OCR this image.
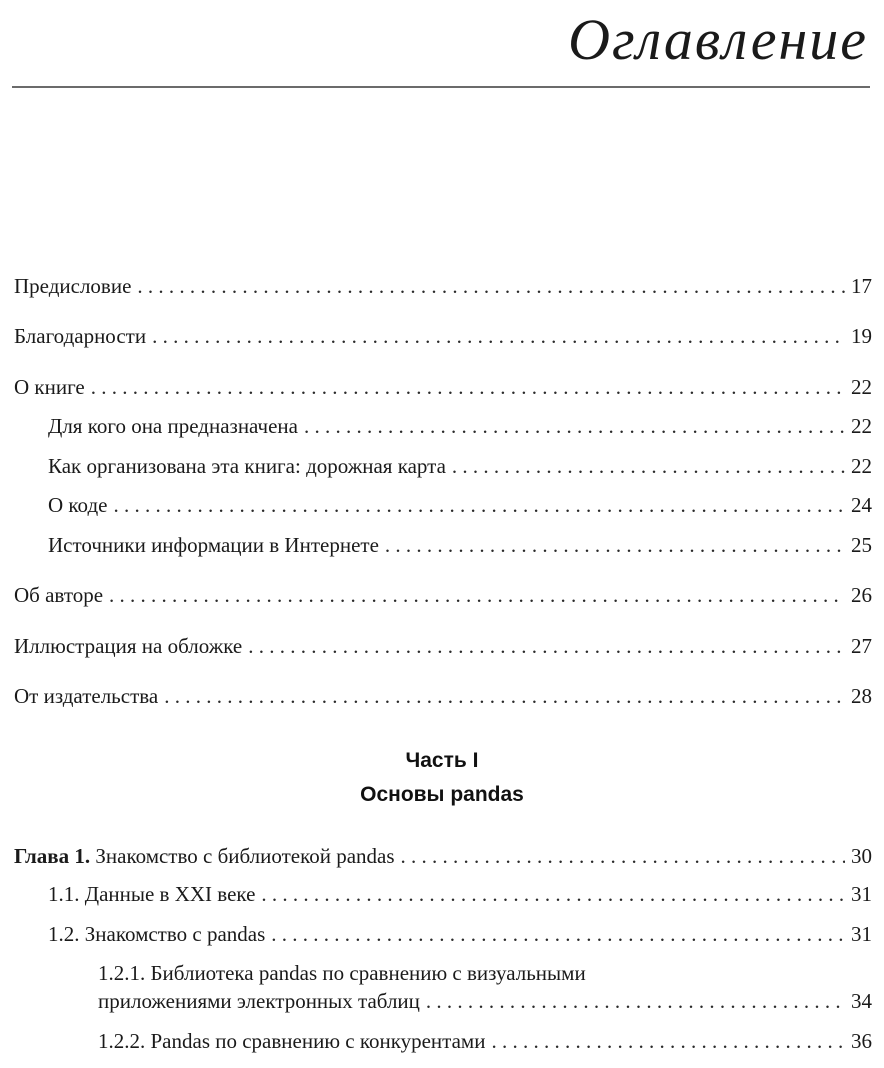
Оглавление
Предисловие . . .	17
Благодарности . . .	19
О книге . . .	22
Для кого она предназначена . . .	22
Как организована эта книга: дорожная карта . . .	22
О коде . . .	24
Источники информации в Интернете . . .	25
Об авторе . . .	26
Иллюстрация на обложке . . .	27
От издательства . . .	28
Часть I
Основы pandas
Глава 1. Знакомство с библиотекой pandas . . .	30
1.1. Данные в XXI веке . . .	31
1.2. Знакомство с pandas . . .	31
1.2.1. Библиотека pandas по сравнению с визуальными
приложениями электронных таблиц . . .	34
1.2.2. Pandas по сравнению с конкурентами . . .	36
